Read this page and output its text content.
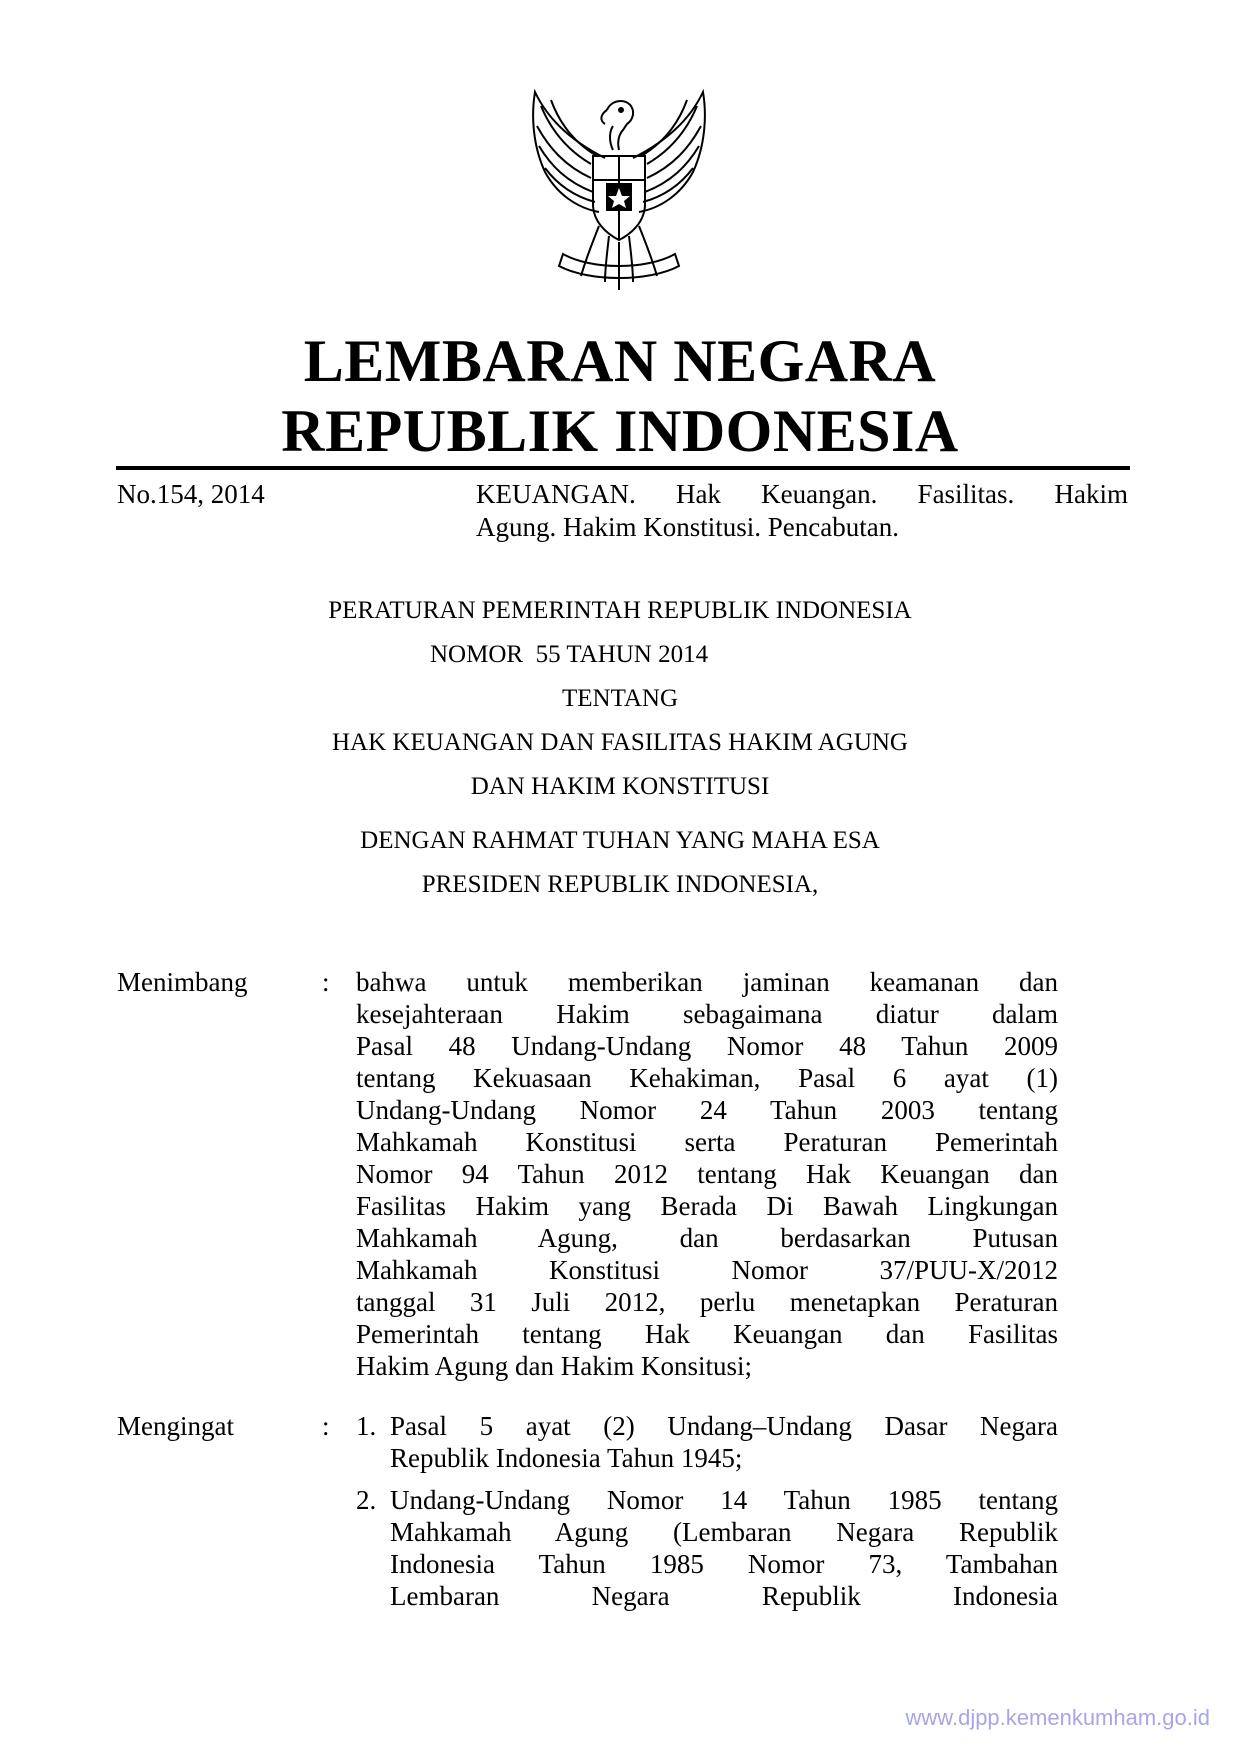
LEMBARAN NEGARA
REPUBLIK INDONESIA
No.154, 2014	KEUANGAN. Hak Keuangan. Fasilitas. Hakim
Agung. Hakim Konstitusi. Pencabutan.
PERATURAN PEMERINTAH REPUBLIK INDONESIA
NOMOR  55 TAHUN 2014
TENTANG
HAK KEUANGAN DAN FASILITAS HAKIM AGUNG
DAN HAKIM KONSTITUSI
DENGAN RAHMAT TUHAN YANG MAHA ESA
PRESIDEN REPUBLIK INDONESIA,
Menimbang	: bahwa untuk memberikan jaminan keamanan dan
kesejahteraan Hakim sebagaimana diatur dalam
Pasal 48 Undang-Undang Nomor 48 Tahun 2009
tentang Kekuasaan Kehakiman, Pasal 6 ayat (1)
Undang-Undang Nomor 24 Tahun 2003 tentang
Mahkamah Konstitusi serta Peraturan Pemerintah
Nomor 94 Tahun 2012 tentang Hak Keuangan dan
Fasilitas Hakim yang Berada Di Bawah Lingkungan
Mahkamah Agung, dan berdasarkan Putusan
Mahkamah Konstitusi Nomor 37/PUU-X/2012
tanggal 31 Juli 2012, perlu menetapkan Peraturan
Pemerintah tentang Hak Keuangan dan Fasilitas
Hakim Agung dan Hakim Konsitusi;
Mengingat	: 1. Pasal 5 ayat (2) Undang–Undang Dasar Negara
Republik Indonesia Tahun 1945;
2. Undang-Undang Nomor 14 Tahun 1985 tentang
Mahkamah Agung (Lembaran Negara Republik
Indonesia Tahun 1985 Nomor 73, Tambahan
Lembaran Negara Republik Indonesia
www.djpp.kemenkumham.go.id
